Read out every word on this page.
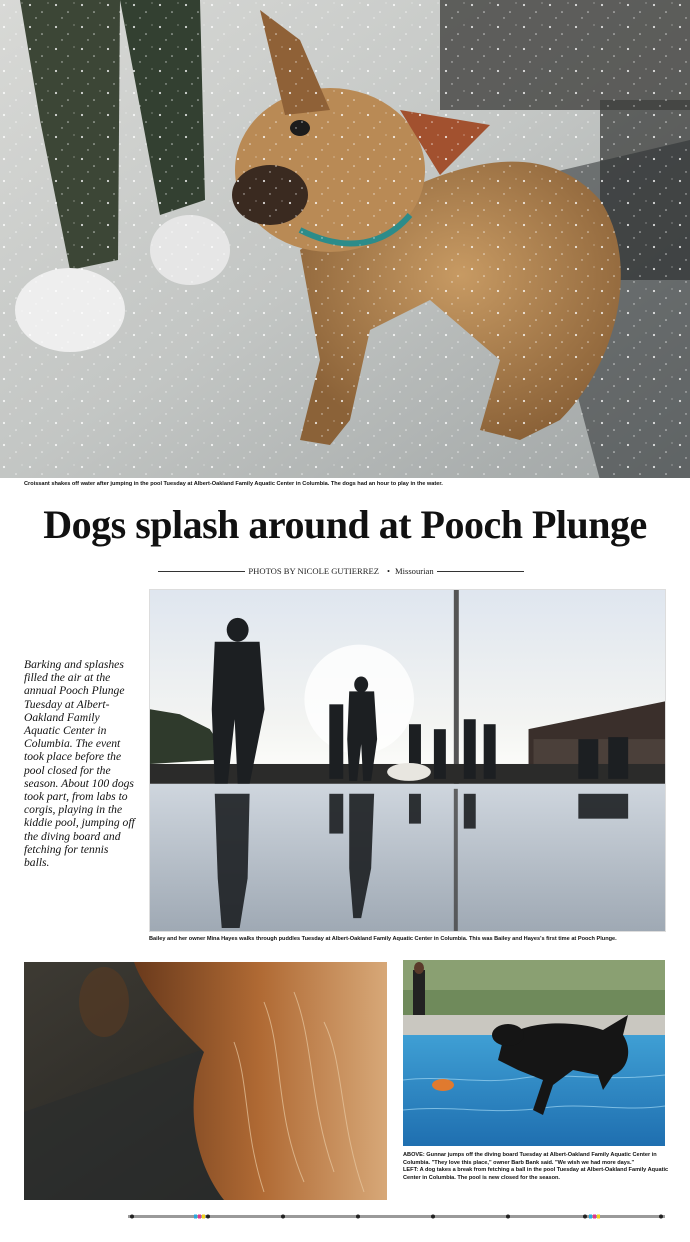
Croissant shakes off water after jumping in the pool Tuesday at Albert-Oakland Family Aquatic Center in Columbia. The dogs had an hour to play in the water.
Dogs splash around at Pooch Plunge
PHOTOS BY NICOLE GUTIERREZ • Missourian
Barking and splashes filled the air at the annual Pooch Plunge Tuesday at Albert-Oakland Family Aquatic Center in Columbia. The event took place before the pool closed for the season. About 100 dogs took part, from labs to corgis, playing in the kiddie pool, jumping off the diving board and fetching for tennis balls.
Bailey and her owner Mina Hayes walks through puddles Tuesday at Albert-Oakland Family Aquatic Center in Columbia. This was Bailey and Hayes's first time at Pooch Plunge.

ABOVE: Gunnar jumps off the diving board Tuesday at Albert-Oakland Family Aquatic Center in Columbia. "They love this place," owner Barb Bank said. "We wish we had more days."

LEFT: A dog takes a break from fetching a ball in the pool Tuesday at Albert-Oakland Family Aquatic Center in Columbia. The pool is new closed for the season.
